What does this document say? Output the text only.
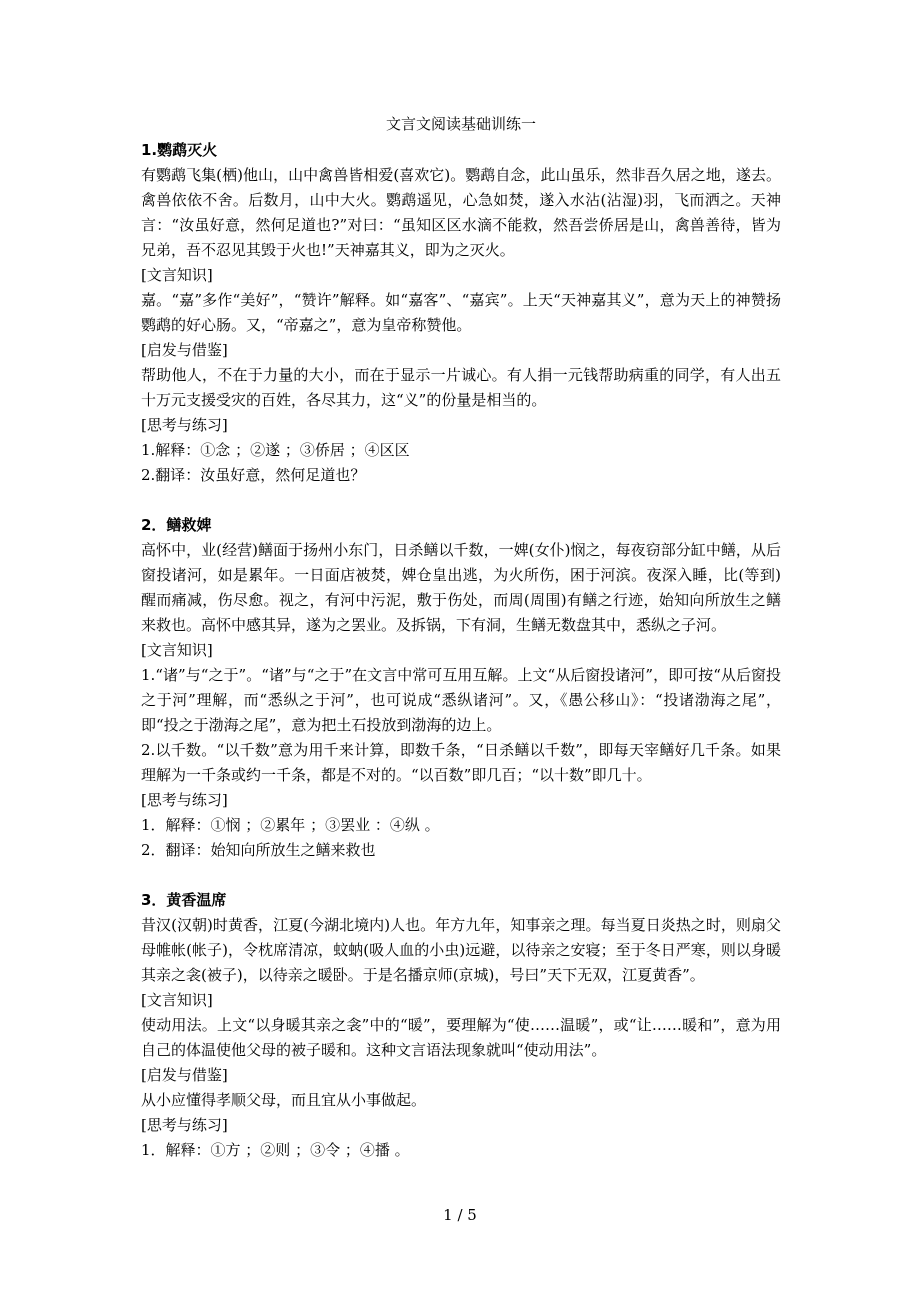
文言文阅读基础训练一

1.鹦鹉灭火

有鹦鹉飞集(栖)他山，山中禽兽皆相爱(喜欢它)。鹦鹉自念，此山虽乐，然非吾久居之地，遂去。禽兽依依不舍。后数月，山中大火。鹦鹉遥见，心急如焚，遂入水沾(沾湿)羽，飞而洒之。天神言：“汝虽好意，然何足道也?”对曰：“虽知区区水滴不能救，然吾尝侨居是山，禽兽善待，皆为兄弟，吾不忍见其毁于火也!”天神嘉其义，即为之灭火。

[文言知识]

嘉。“嘉”多作“美好”，“赞许”解释。如“嘉客”、“嘉宾”。上天“天神嘉其义”，意为天上的神赞扬鹦鹉的好心肠。又，“帝嘉之”，意为皇帝称赞他。

[启发与借鉴]

帮助他人，不在于力量的大小，而在于显示一片诚心。有人捐一元钱帮助病重的同学，有人出五十万元支援受灾的百姓，各尽其力，这“义”的份量是相当的。

[思考与练习]

1.解释：①念 ；②遂 ；③侨居 ；④区区

2.翻译：汝虽好意，然何足道也？

2．鳝救婢

高怀中，业(经营)鳝面于扬州小东门，日杀鳝以千数，一婢(女仆)悯之，每夜窃部分缸中鳝，从后窗投诸河，如是累年。一日面店被焚，婢仓皇出逃，为火所伤，困于河滨。夜深入睡，比(等到)醒而痛减，伤尽愈。视之，有河中污泥，敷于伤处，而周(周围)有鳝之行迹，始知向所放生之鳝来救也。高怀中感其异，遂为之罢业。及拆锅，下有洞，生鳝无数盘其中，悉纵之子河。

[文言知识]

1.“诸”与“之于”。“诸”与“之于”在文言中常可互用互解。上文“从后窗投诸河”，即可按“从后窗投之于河”理解，而“悉纵之于河”，也可说成“悉纵诸河”。又，《愚公移山》：“投诸渤海之尾”，即“投之于渤海之尾”，意为把土石投放到渤海的边上。

2.以千数。“以千数”意为用千来计算，即数千条，“日杀鳝以千数”，即每天宰鳝好几千条。如果理解为一千条或约一千条，都是不对的。“以百数”即几百；“以十数”即几十。

[思考与练习]

1．解释：①悯 ；②累年 ；③罢业 ：④纵 。

2．翻译：始知向所放生之鳝来救也

3．黄香温席

昔汉(汉朝)时黄香，江夏(今湖北境内)人也。年方九年，知事亲之理。每当夏日炎热之时，则扇父母帷帐(帐子)，令枕席清凉，蚊蚋(吸人血的小虫)远避，以待亲之安寝；至于冬日严寒，则以身暖其亲之衾(被子)，以待亲之暖卧。于是名播京师(京城)，号曰”天下无双，江夏黄香”。

[文言知识]

使动用法。上文“以身暖其亲之衾”中的“暖”，要理解为“使……温暖”，或“让……暖和”，意为用自己的体温使他父母的被子暖和。这种文言语法现象就叫“使动用法”。

[启发与借鉴]

从小应懂得孝顺父母，而且宜从小事做起。

[思考与练习]

1．解释：①方 ；②则 ；③令 ；④播 。

1 / 5
